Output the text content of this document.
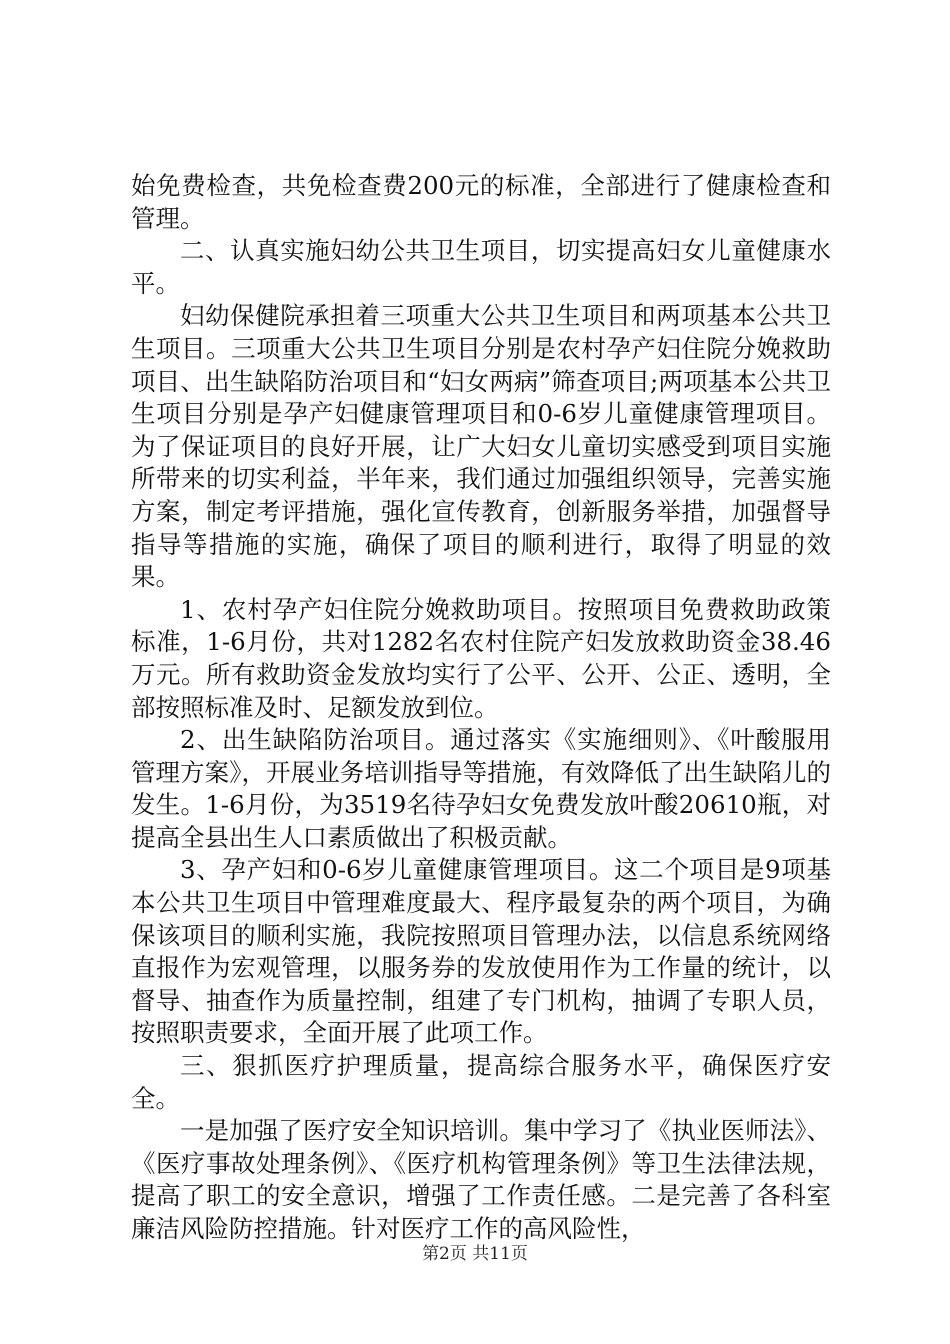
始免费检查，共免检查费200元的标准，全部进行了健康检查和管理。

二、认真实施妇幼公共卫生项目，切实提高妇女儿童健康水平。

妇幼保健院承担着三项重大公共卫生项目和两项基本公共卫生项目。三项重大公共卫生项目分别是农村孕产妇住院分娩救助项目、出生缺陷防治项目和“妇女两病”筛查项目;两项基本公共卫生项目分别是孕产妇健康管理项目和0-6岁儿童健康管理项目。为了保证项目的良好开展，让广大妇女儿童切实感受到项目实施所带来的切实利益，半年来，我们通过加强组织领导，完善实施方案，制定考评措施，强化宣传教育，创新服务举措，加强督导指导等措施的实施，确保了项目的顺利进行，取得了明显的效果。

1、农村孕产妇住院分娩救助项目。按照项目免费救助政策标准，1-6月份，共对1282名农村住院产妇发放救助资金38.46万元。所有救助资金发放均实行了公平、公开、公正、透明，全部按照标准及时、足额发放到位。

2、出生缺陷防治项目。通过落实《实施细则》、《叶酸服用管理方案》，开展业务培训指导等措施，有效降低了出生缺陷儿的发生。1-6月份，为3519名待孕妇女免费发放叶酸20610瓶，对提高全县出生人口素质做出了积极贡献。

3、孕产妇和0-6岁儿童健康管理项目。这二个项目是9项基本公共卫生项目中管理难度最大、程序最复杂的两个项目，为确保该项目的顺利实施，我院按照项目管理办法，以信息系统网络直报作为宏观管理，以服务券的发放使用作为工作量的统计，以督导、抽查作为质量控制，组建了专门机构，抽调了专职人员，按照职责要求，全面开展了此项工作。

三、狠抓医疗护理质量，提高综合服务水平，确保医疗安全。

一是加强了医疗安全知识培训。集中学习了《执业医师法》、《医疗事故处理条例》、《医疗机构管理条例》等卫生法律法规，提高了职工的安全意识，增强了工作责任感。二是完善了各科室廉洁风险防控措施。针对医疗工作的高风险性，

第2页 共11页
